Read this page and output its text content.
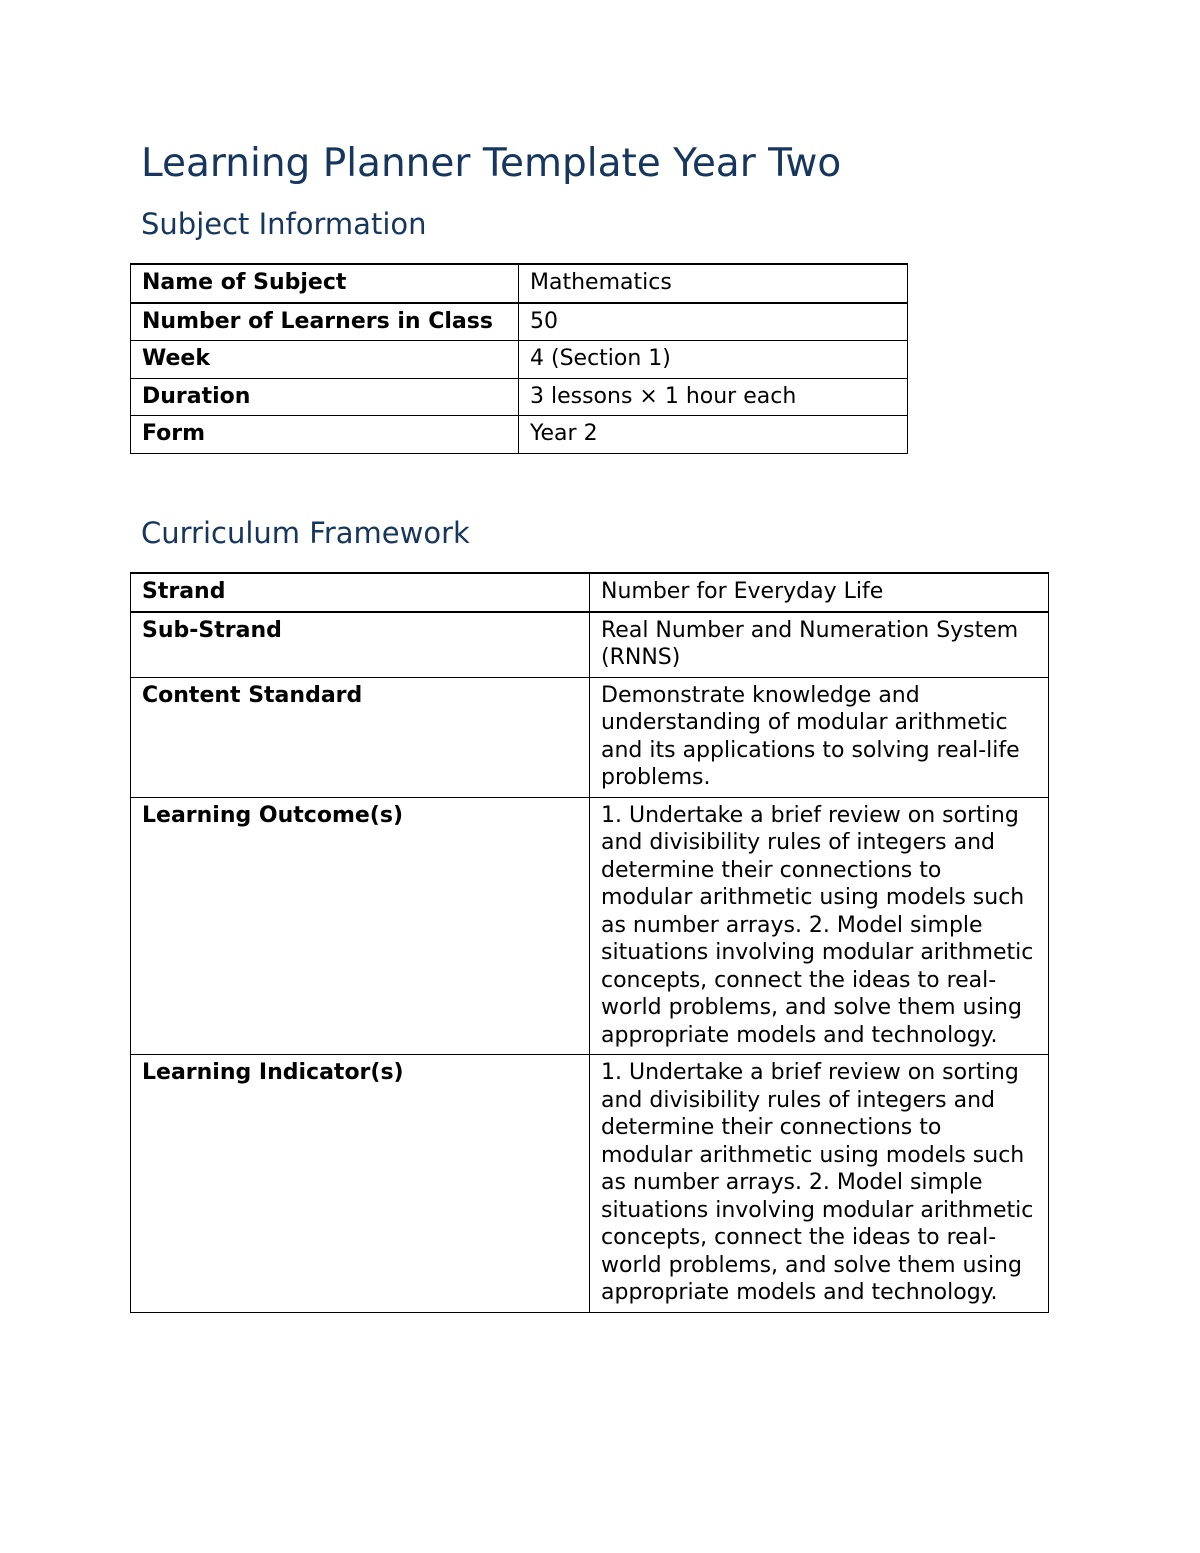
Learning Planner Template Year Two
Subject Information
Name of Subject	Mathematics
Number of Learners in Class	50
Week	4 (Section 1)
Duration	3 lessons × 1 hour each
Form	Year 2
Curriculum Framework
Strand	Number for Everyday Life
Sub-Strand	Real Number and Numeration System (RNNS)
Content Standard	Demonstrate knowledge and understanding of modular arithmetic and its applications to solving real-life problems.
Learning Outcome(s)	1. Undertake a brief review on sorting and divisibility rules of integers and determine their connections to modular arithmetic using models such as number arrays. 2. Model simple situations involving modular arithmetic concepts, connect the ideas to real-world problems, and solve them using appropriate models and technology.
Learning Indicator(s)	1. Undertake a brief review on sorting and divisibility rules of integers and determine their connections to modular arithmetic using models such as number arrays. 2. Model simple situations involving modular arithmetic concepts, connect the ideas to real-world problems, and solve them using appropriate models and technology.
